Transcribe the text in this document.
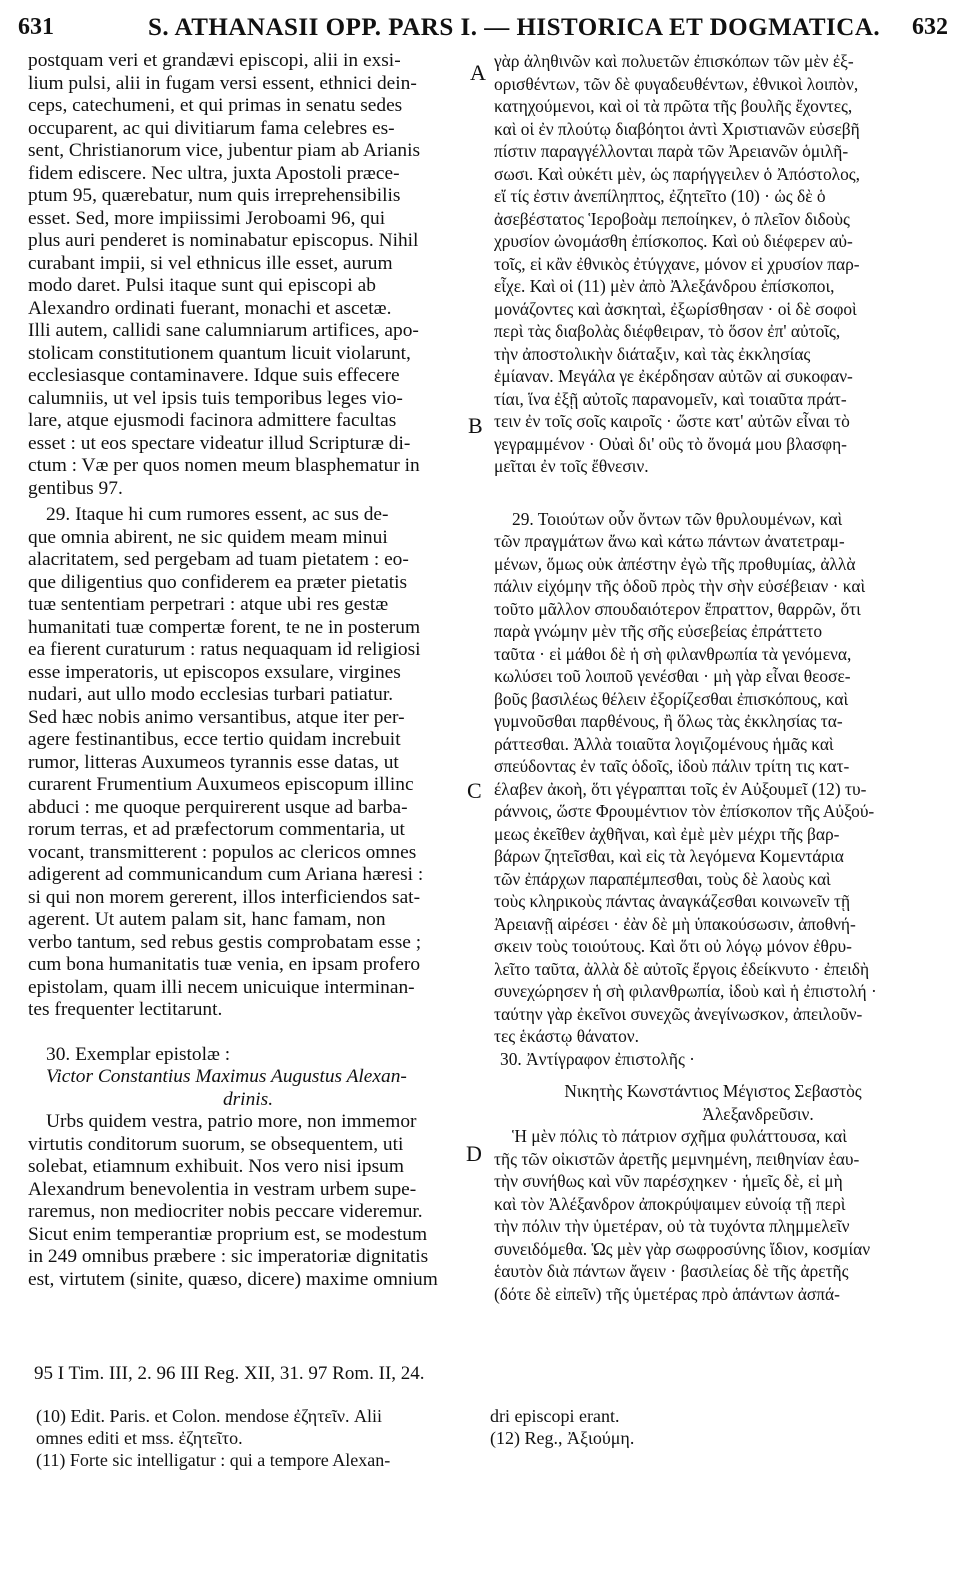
631	S. ATHANASII OPP. PARS I. — HISTORICA ET DOGMATICA. 632
postquam veri et grandævi episcopi, alii in exsi-
lium pulsi, alii in fugam versi essent, ethnici dein-
ceps, catechumeni, et qui primas in senatu sedes
occuparent, ac qui divitiarum fama celebres es-
sent, Christianorum vice, jubentur piam ab Arianis
fidem ediscere. Nec ultra, juxta Apostoli præce-
ptum 95, quærebatur, num quis irreprehensibilis
esset. Sed, more impiissimi Jeroboami 96, qui
plus auri penderet is nominabatur episcopus. Nihil
curabant impii, si vel ethnicus ille esset, aurum
modo daret. Pulsi itaque sunt qui episcopi ab
Alexandro ordinati fuerant, monachi et ascetæ.
Illi autem, callidi sane calumniarum artifices, apo-
stolicam constitutionem quantum licuit violarunt,
ecclesiasque contaminavere. Idque suis effecere
calumniis, ut vel ipsis tuis temporibus leges vio-
lare, atque ejusmodi facinora admittere facultas
esset : ut eos spectare videatur illud Scripturæ di-
ctum : Væ per quos nomen meum blasphematur in
gentibus 97.
29. Itaque hi cum rumores essent, ac sus de-
que omnia abirent, ne sic quidem meam minui
alacritatem, sed pergebam ad tuam pietatem : eo-
que diligentius quo confiderem ea præter pietatis
tuæ sententiam perpetrari : atque ubi res gestæ
humanitati tuæ compertæ forent, te ne in posterum
ea fierent curaturum : ratus nequaquam id religiosi
esse imperatoris, ut episcopos exsulare, virgines
nudari, aut ullo modo ecclesias turbari patiatur.
Sed hæc nobis animo versantibus, atque iter per-
agere festinantibus, ecce tertio quidam increbuit
rumor, litteras Auxumeos tyrannis esse datas, ut
curarent Frumentium Auxumeos episcopum illinc
abduci : me quoque perquirerent usque ad barba-
rorum terras, et ad præfectorum commentaria, ut
vocant, transmitterent : populos ac clericos omnes
adigerent ad communicandum cum Ariana hæresi :
si qui non morem gererent, illos interficiendos sat-
agerent. Ut autem palam sit, hanc famam, non
verbo tantum, sed rebus gestis comprobatam esse ;
cum bona humanitatis tuæ venia, en ipsam profero
epistolam, quam illi necem unicuique interminan-
tes frequenter lectitarunt.
30. Exemplar epistolæ :
Victor Constantius Maximus Augustus Alexan-
drinis.
Urbs quidem vestra, patrio more, non immemor
virtutis conditorum suorum, se obsequentem, uti
solebat, etiamnum exhibuit. Nos vero nisi ipsum
Alexandrum benevolentia in vestram urbem supe-
raremus, non mediocriter nobis peccare videremur.
Sicut enim temperantiæ proprium est, se modestum
in 249 omnibus præbere : sic imperatoriæ dignitatis
est, virtutem (sinite, quæso, dicere) maxime omnium
γὰρ ἀληθινῶν καὶ πολυετῶν ἐπισκόπων τῶν μὲν ἐξ-
ορισθέντων, τῶν δὲ φυγαδευθέντων, ἐθνικοὶ λοιπὸν,
κατηχούμενοι, καὶ οἱ τὰ πρῶτα τῆς βουλῆς ἔχοντες,
καὶ οἱ ἐν πλούτῳ διαβόητοι ἀντὶ Χριστιανῶν εὐσεβῆ
πίστιν παραγγέλλονται παρὰ τῶν Ἀρειανῶν ὁμιλῆ-
σωσι. Καὶ οὐκέτι μὲν, ὡς παρήγγειλεν ὁ Ἀπόστολος,
εἴ τίς ἐστιν ἀνεπίληπτος, ἐζητεῖτο (10) · ὡς δὲ ὁ
ἀσεβέστατος Ἱεροβοὰμ πεποίηκεν, ὁ πλεῖον διδοὺς
χρυσίον ὠνομάσθη ἐπίσκοπος. Καὶ οὐ διέφερεν αὐ-
τοῖς, εἰ κἂν ἐθνικὸς ἐτύγχανε, μόνον εἰ χρυσίον παρ-
εἶχε. Καὶ οἱ (11) μὲν ἀπὸ Ἀλεξάνδρου ἐπίσκοποι,
μονάζοντες καὶ ἀσκηταὶ, ἐξωρίσθησαν · οἱ δὲ σοφοὶ
περὶ τὰς διαβολὰς διέφθειραν, τὸ ὅσον ἐπ' αὐτοῖς,
τὴν ἀποστολικὴν διάταξιν, καὶ τὰς ἐκκλησίας
ἐμίαναν. Μεγάλα γε ἐκέρδησαν αὐτῶν αἱ συκοφαν-
τίαι, ἵνα ἐξῇ αὐτοῖς παρανομεῖν, καὶ τοιαῦτα πράτ-
τειν ἐν τοῖς σοῖς καιροῖς · ὥστε κατ' αὐτῶν εἶναι τὸ
γεγραμμένον · Οὐαὶ δι' οὓς τὸ ὄνομά μου βλασφη-
μεῖται ἐν τοῖς ἔθνεσιν.
29. Τοιούτων οὖν ὄντων τῶν θρυλουμένων, καὶ
τῶν πραγμάτων ἄνω καὶ κάτω πάντων ἀνατετραμ-
μένων, ὅμως οὐκ ἀπέστην ἐγὼ τῆς προθυμίας, ἀλλὰ
πάλιν εἰχόμην τῆς ὁδοῦ πρὸς τὴν σὴν εὐσέβειαν · καὶ
τοῦτο μᾶλλον σπουδαιότερον ἔπραττον, θαρρῶν, ὅτι
παρὰ γνώμην μὲν τῆς σῆς εὐσεβείας ἐπράττετο
ταῦτα · εἰ μάθοι δὲ ἡ σὴ φιλανθρωπία τὰ γενόμενα,
κωλύσει τοῦ λοιποῦ γενέσθαι · μὴ γὰρ εἶναι θεοσε-
βοῦς βασιλέως θέλειν ἐξορίζεσθαι ἐπισκόπους, καὶ
γυμνοῦσθαι παρθένους, ἢ ὅλως τὰς ἐκκλησίας τα-
ράττεσθαι. Ἀλλὰ τοιαῦτα λογιζομένους ἡμᾶς καὶ
σπεύδοντας ἐν ταῖς ὁδοῖς, ἰδοὺ πάλιν τρίτη τις κατ-
έλαβεν ἀκοὴ, ὅτι γέγραπται τοῖς ἐν Αὐξουμεῖ (12) τυ-
ράννοις, ὥστε Φρουμέντιον τὸν ἐπίσκοπον τῆς Αὐξού-
μεως ἐκεῖθεν ἀχθῆναι, καὶ ἐμὲ μὲν μέχρι τῆς βαρ-
βάρων ζητεῖσθαι, καὶ εἰς τὰ λεγόμενα Κομεντάρια
τῶν ἐπάρχων παραπέμπεσθαι, τοὺς δὲ λαοὺς καὶ
τοὺς κληρικοὺς πάντας ἀναγκάζεσθαι κοινωνεῖν τῇ
Ἀρειανῇ αἱρέσει · ἐὰν δὲ μὴ ὑπακούσωσιν, ἀποθνή-
σκειν τοὺς τοιούτους. Καὶ ὅτι οὐ λόγῳ μόνον ἐθρυ-
λεῖτο ταῦτα, ἀλλὰ δὲ αὐτοῖς ἔργοις ἐδείκνυτο · ἐπειδὴ
συνεχώρησεν ἡ σὴ φιλανθρωπία, ἰδοὺ καὶ ἡ ἐπιστολή ·
ταύτην γὰρ ἐκεῖνοι συνεχῶς ἀνεγίνωσκον, ἀπειλοῦν-
τες ἑκάστῳ θάνατον.
30. Ἀντίγραφον ἐπιστολῆς ·
Νικητὴς Κωνστάντιος Μέγιστος Σεβαστὸς
Ἀλεξανδρεῦσιν.
Ἡ μὲν πόλις τὸ πάτριον σχῆμα φυλάττουσα, καὶ
τῆς τῶν οἰκιστῶν ἀρετῆς μεμνημένη, πειθηνίαν ἑαυ-
τὴν συνήθως καὶ νῦν παρέσχηκεν · ἡμεῖς δὲ, εἰ μὴ
καὶ τὸν Ἀλέξανδρον ἀποκρύψαιμεν εὐνοίᾳ τῇ περὶ
τὴν πόλιν τὴν ὑμετέραν, οὐ τὰ τυχόντα πλημμελεῖν
συνειδόμεθα. Ὡς μὲν γὰρ σωφροσύνης ἴδιον, κοσμίαν
ἑαυτὸν διὰ πάντων ἄγειν · βασιλείας δὲ τῆς ἀρετῆς
(δότε δὲ εἰπεῖν) τῆς ὑμετέρας πρὸ ἁπάντων ἀσπά-
A
B
C
D
95 I Tim. III, 2. 96 III Reg. XII, 31. 97 Rom. II, 24.
(10) Edit. Paris. et Colon. mendose ἐζητεῖν. Alii
omnes editi et mss. ἐζητεῖτο.
(11) Forte sic intelligatur : qui a tempore Alexan-
dri episcopi erant.
(12) Reg., Ἀξιούμη.
